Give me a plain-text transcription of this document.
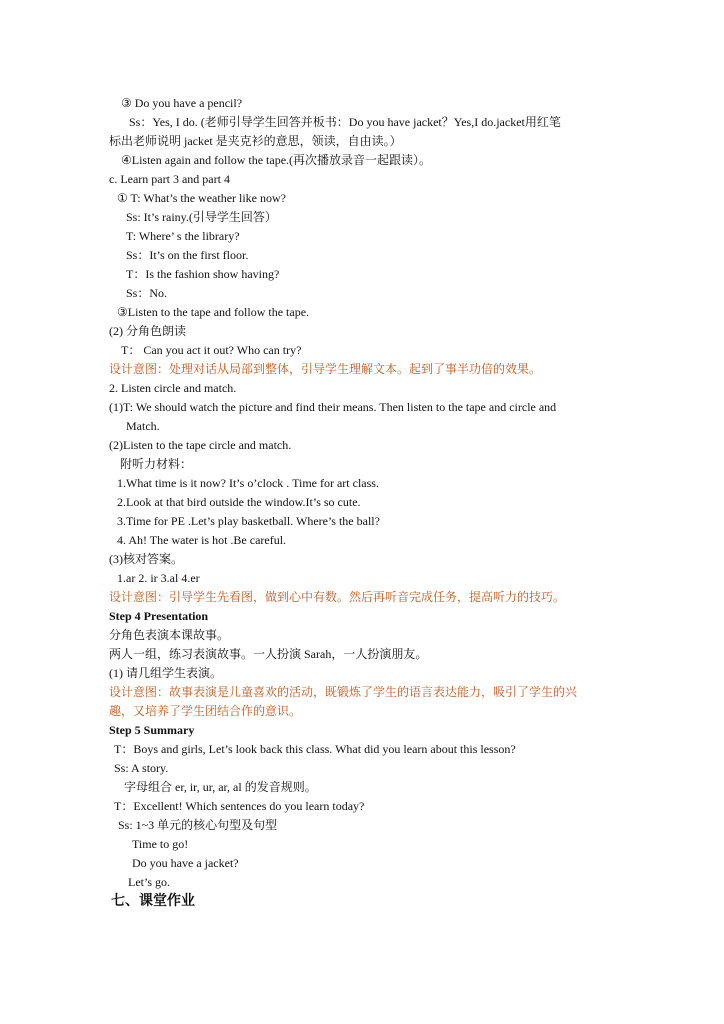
③ Do you have a pencil?
Ss：Yes, I do. (老师引导学生回答并板书：Do you have jacket？Yes,I do.jacket用红笔
标出老师说明 jacket 是夹克衫的意思，领读，自由读。）
④Listen again and follow the tape.(再次播放录音一起跟读）。
c. Learn part 3 and part 4
① T: What’s the weather like now?
Ss: It’s rainy.(引导学生回答）
T: Where’ s the library?
Ss：It’s on the first floor.
T：Is the fashion show having?
Ss：No.
③Listen to the tape and follow the tape.
(2) 分角色朗读
T： Can you act it out? Who can try?
设计意图：处理对话从局部到整体，引导学生理解文本。起到了事半功倍的效果。
2. Listen circle and match.
(1)T: We should watch the picture and find their means. Then listen to the tape and circle and
Match.
(2)Listen to the tape circle and match.
附听力材料：
1.What time is it now? It’s o’clock . Time for art class.
2.Look at that bird outside the window.It’s so cute.
3.Time for PE .Let’s play basketball. Where’s the ball?
4. Ah! The water is hot .Be careful.
(3)核对答案。
1.ar 2. ir 3.al 4.er
设计意图：引导学生先看图，做到心中有数。然后再听音完成任务，提高听力的技巧。
Step 4 Presentation
分角色表演本课故事。
两人一组，练习表演故事。一人扮演 Sarah，一人扮演朋友。
(1) 请几组学生表演。
设计意图：故事表演是儿童喜欢的活动，既锻炼了学生的语言表达能力，吸引了学生的兴
趣，又培养了学生团结合作的意识。
Step 5 Summary
T：Boys and girls, Let’s look back this class. What did you learn about this lesson?
Ss: A story.
字母组合 er, ir, ur, ar, al 的发音规则。
T：Excellent! Which sentences do you learn today?
Ss: 1~3 单元的核心句型及句型
Time to go!
Do you have a jacket?
Let’s go.
七、课堂作业
